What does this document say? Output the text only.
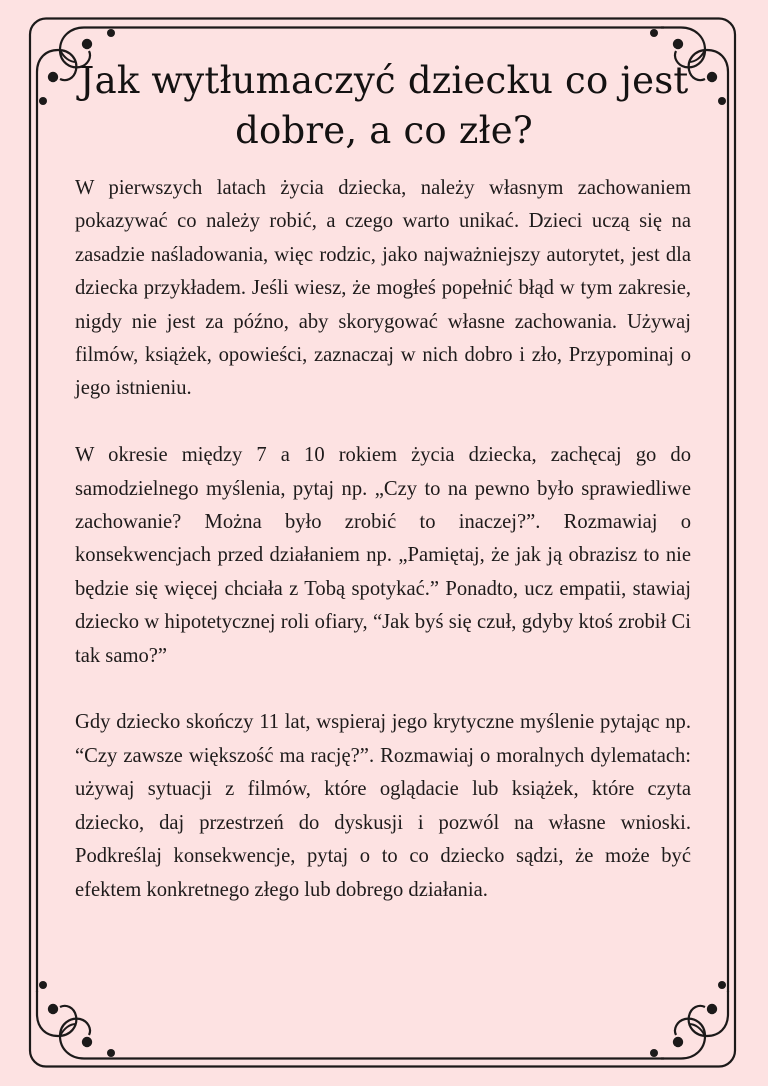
Jak wytłumaczyć dziecku co jest dobre, a co złe?

W pierwszych latach życia dziecka, należy własnym zachowaniem pokazywać co należy robić, a czego warto unikać. Dzieci uczą się na zasadzie naśladowania, więc rodzic, jako najważniejszy autorytet, jest dla dziecka przykładem. Jeśli wiesz, że mogłeś popełnić błąd w tym zakresie, nigdy nie jest za późno, aby skorygować własne zachowania. Używaj filmów, książek, opowieści, zaznaczaj w nich dobro i zło, Przypominaj o jego istnieniu.

W okresie między 7 a 10 rokiem życia dziecka, zachęcaj go do samodzielnego myślenia, pytaj np. „Czy to na pewno było sprawiedliwe zachowanie? Można było zrobić to inaczej?”. Rozmawiaj o konsekwencjach przed działaniem np. „Pamiętaj, że jak ją obrazisz to nie będzie się więcej chciała z Tobą spotykać.” Ponadto, ucz empatii, stawiaj dziecko w hipotetycznej roli ofiary, “Jak byś się czuł, gdyby ktoś zrobił Ci tak samo?”

Gdy dziecko skończy 11 lat, wspieraj jego krytyczne myślenie pytając np. “Czy zawsze większość ma rację?”. Rozmawiaj o moralnych dylematach: używaj sytuacji z filmów, które oglądacie lub książek, które czyta dziecko, daj przestrzeń do dyskusji i pozwól na własne wnioski. Podkreślaj konsekwencje, pytaj o to co dziecko sądzi, że może być efektem konkretnego złego lub dobrego działania.
